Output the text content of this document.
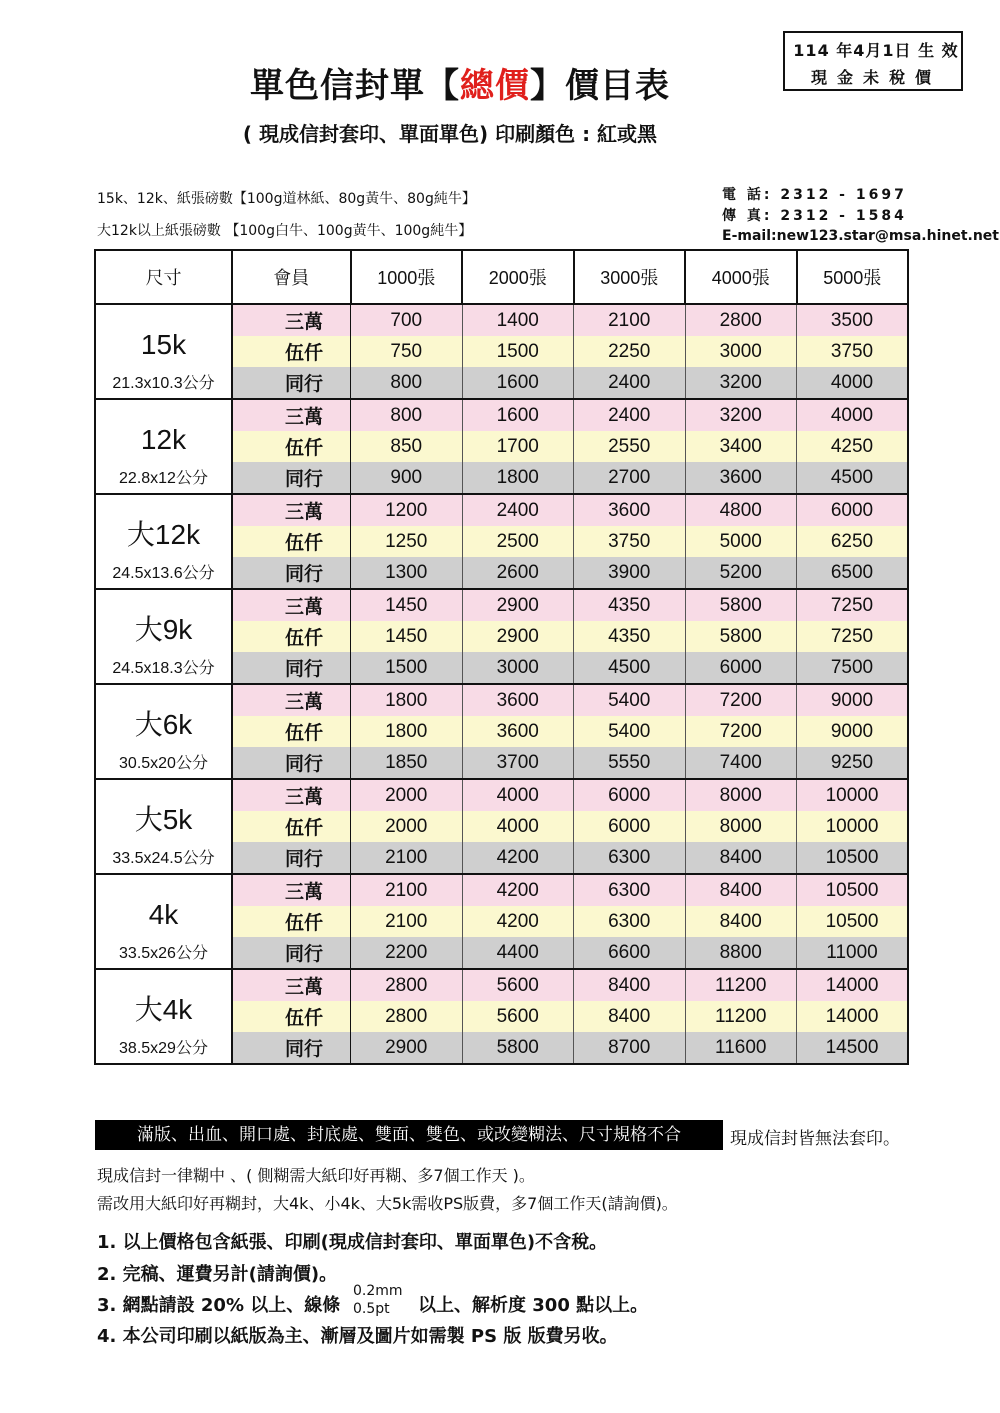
單色信封單【總價】價目表
114 年4月1日 生 效
現金未稅價
( 現成信封套印、單面單色) 印刷顏色 : 紅或黑
15k、12k、紙張磅數【100g道林紙、80g黃牛、80g純牛】
大12k以上紙張磅數 【100g白牛、100g黃牛、100g純牛】
電 話: 2312 - 1697
傳 真: 2312 - 1584
E-mail:new123.star@msa.hinet.net
尺寸	會員	1000張	2000張	3000張	4000張	5000張

15k
21.3x10.3公分	三萬	700	1400	2100	2800	3500
	伍仟	750	1500	2250	3000	3750
	同行	800	1600	2400	3200	4000

12k
22.8x12公分	三萬	800	1600	2400	3200	4000
	伍仟	850	1700	2550	3400	4250
	同行	900	1800	2700	3600	4500

大12k
24.5x13.6公分	三萬	1200	2400	3600	4800	6000
	伍仟	1250	2500	3750	5000	6250
	同行	1300	2600	3900	5200	6500

大9k
24.5x18.3公分	三萬	1450	2900	4350	5800	7250
	伍仟	1450	2900	4350	5800	7250
	同行	1500	3000	4500	6000	7500

大6k
30.5x20公分	三萬	1800	3600	5400	7200	9000
	伍仟	1800	3600	5400	7200	9000
	同行	1850	3700	5550	7400	9250

大5k
33.5x24.5公分	三萬	2000	4000	6000	8000	10000
	伍仟	2000	4000	6000	8000	10000
	同行	2100	4200	6300	8400	10500

4k
33.5x26公分	三萬	2100	4200	6300	8400	10500
	伍仟	2100	4200	6300	8400	10500
	同行	2200	4400	6600	8800	11000

大4k
38.5x29公分	三萬	2800	5600	8400	11200	14000
	伍仟	2800	5600	8400	11200	14000
	同行	2900	5800	8700	11600	14500
滿版、出血、開口處、封底處、雙面、雙色、或改變糊法、尺寸規格不合	現成信封皆無法套印。
現成信封一律糊中 、( 側糊需大紙印好再糊、多7個工作天 )。
需改用大紙印好再糊封，大4k、小4k、大5k需收PS版費，多7個工作天(請詢價)。
1. 以上價格包含紙張、印刷(現成信封套印、單面單色)不含稅。
2. 完稿、運費另計(請詢價)。
3. 網點請設 20% 以上、線條
0.2mm
0.5pt	以上、解析度 300 點以上。
4. 本公司印刷以紙版為主、漸層及圖片如需製 PS 版 版費另收。
